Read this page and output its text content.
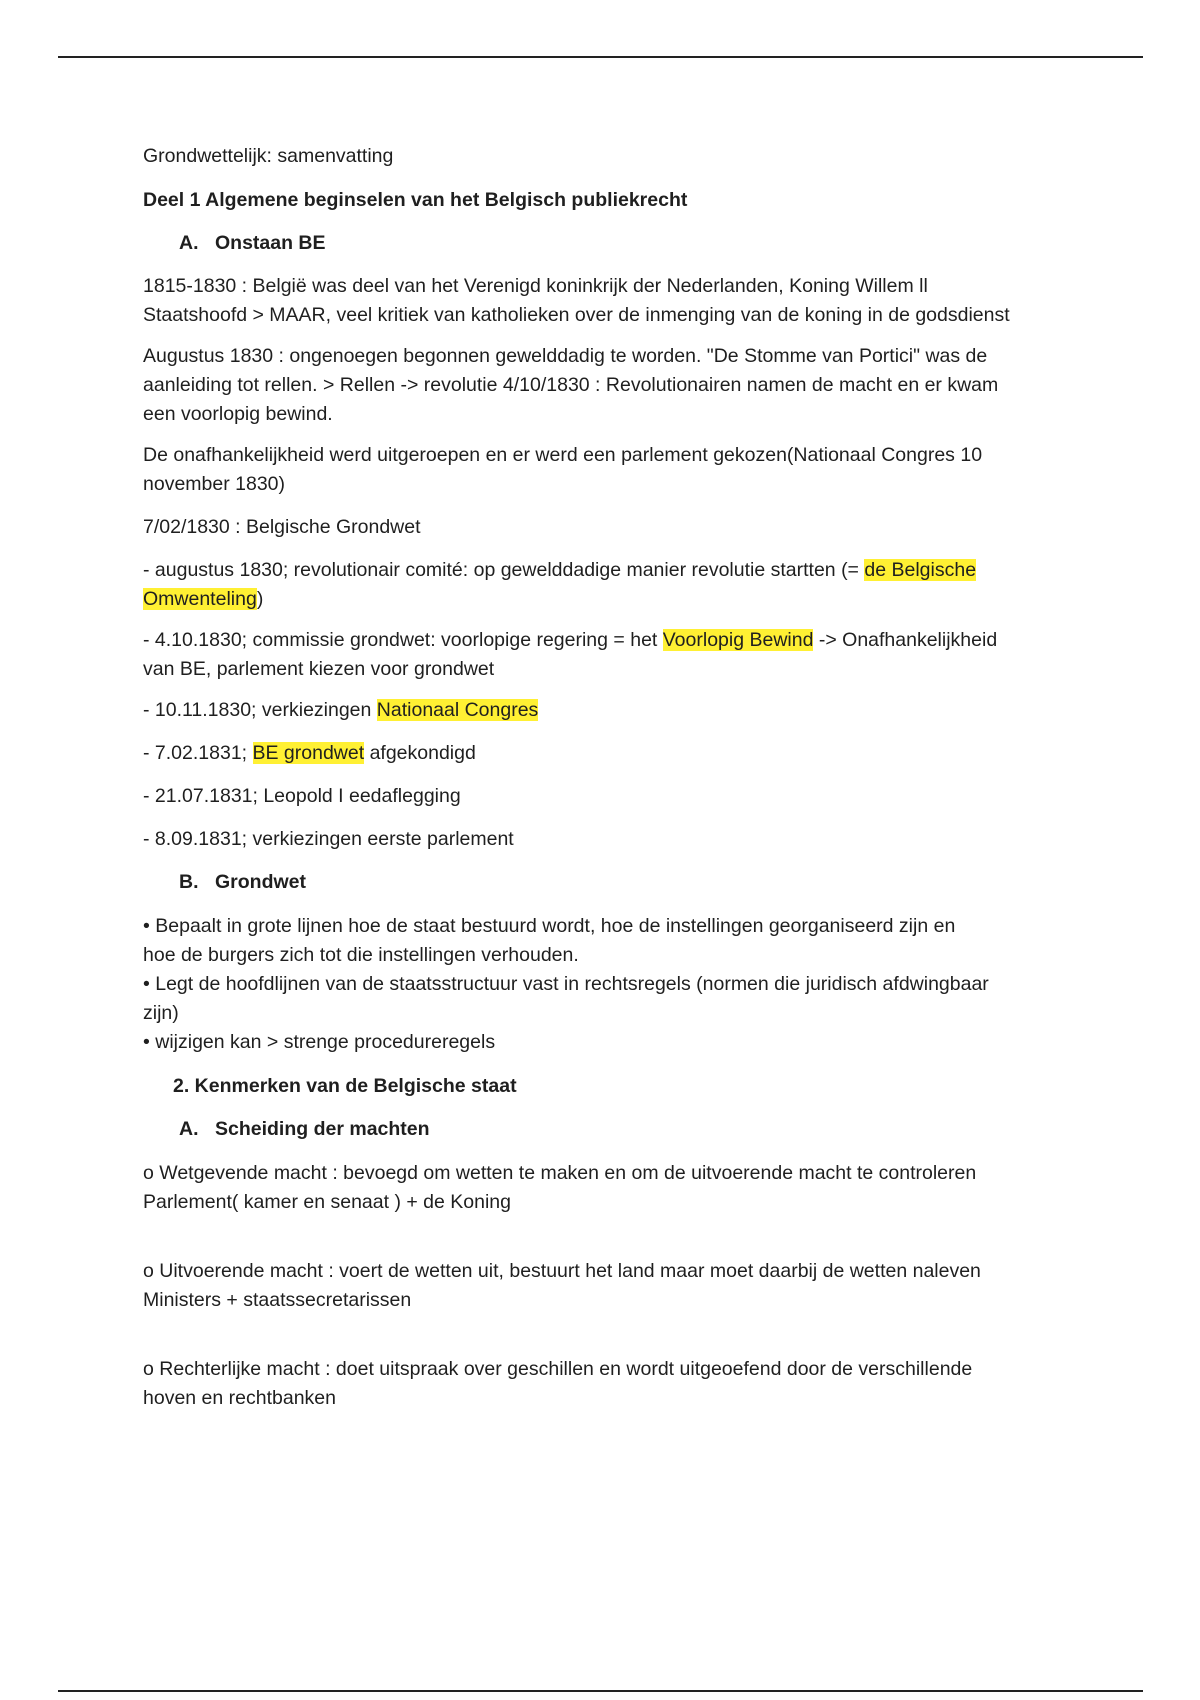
Grondwettelijk: samenvatting

Deel 1 Algemene beginselen van het Belgisch publiekrecht

A. Onstaan BE

1815-1830 : België was deel van het Verenigd koninkrijk der Nederlanden, Koning Willem ll

Staatshoofd > MAAR, veel kritiek van katholieken over de inmenging van de koning in de godsdienst

Augustus 1830 : ongenoegen begonnen gewelddadig te worden. "De Stomme van Portici" was de

aanleiding tot rellen. > Rellen -> revolutie 4/10/1830 : Revolutionairen namen de macht en er kwam

een voorlopig bewind.

De onafhankelijkheid werd uitgeroepen en er werd een parlement gekozen(Nationaal Congres 10

november 1830)

7/02/1830 : Belgische Grondwet

- augustus 1830; revolutionair comité: op gewelddadige manier revolutie startten (= de Belgische

Omwenteling)

- 4.10.1830; commissie grondwet: voorlopige regering = het Voorlopig Bewind -> Onafhankelijkheid

van BE, parlement kiezen voor grondwet

- 10.11.1830; verkiezingen Nationaal Congres

- 7.02.1831; BE grondwet afgekondigd

- 21.07.1831; Leopold I eedaflegging

- 8.09.1831; verkiezingen eerste parlement

B. Grondwet

• Bepaalt in grote lijnen hoe de staat bestuurd wordt, hoe de instellingen georganiseerd zijn en

hoe de burgers zich tot die instellingen verhouden.

• Legt de hoofdlijnen van de staatsstructuur vast in rechtsregels (normen die juridisch afdwingbaar

zijn)

• wijzigen kan > strenge procedureregels

2. Kenmerken van de Belgische staat

A. Scheiding der machten

o Wetgevende macht : bevoegd om wetten te maken en om de uitvoerende macht te controleren

Parlement( kamer en senaat ) + de Koning

o Uitvoerende macht : voert de wetten uit, bestuurt het land maar moet daarbij de wetten naleven

Ministers + staatssecretarissen

o Rechterlijke macht : doet uitspraak over geschillen en wordt uitgeoefend door de verschillende

hoven en rechtbanken
